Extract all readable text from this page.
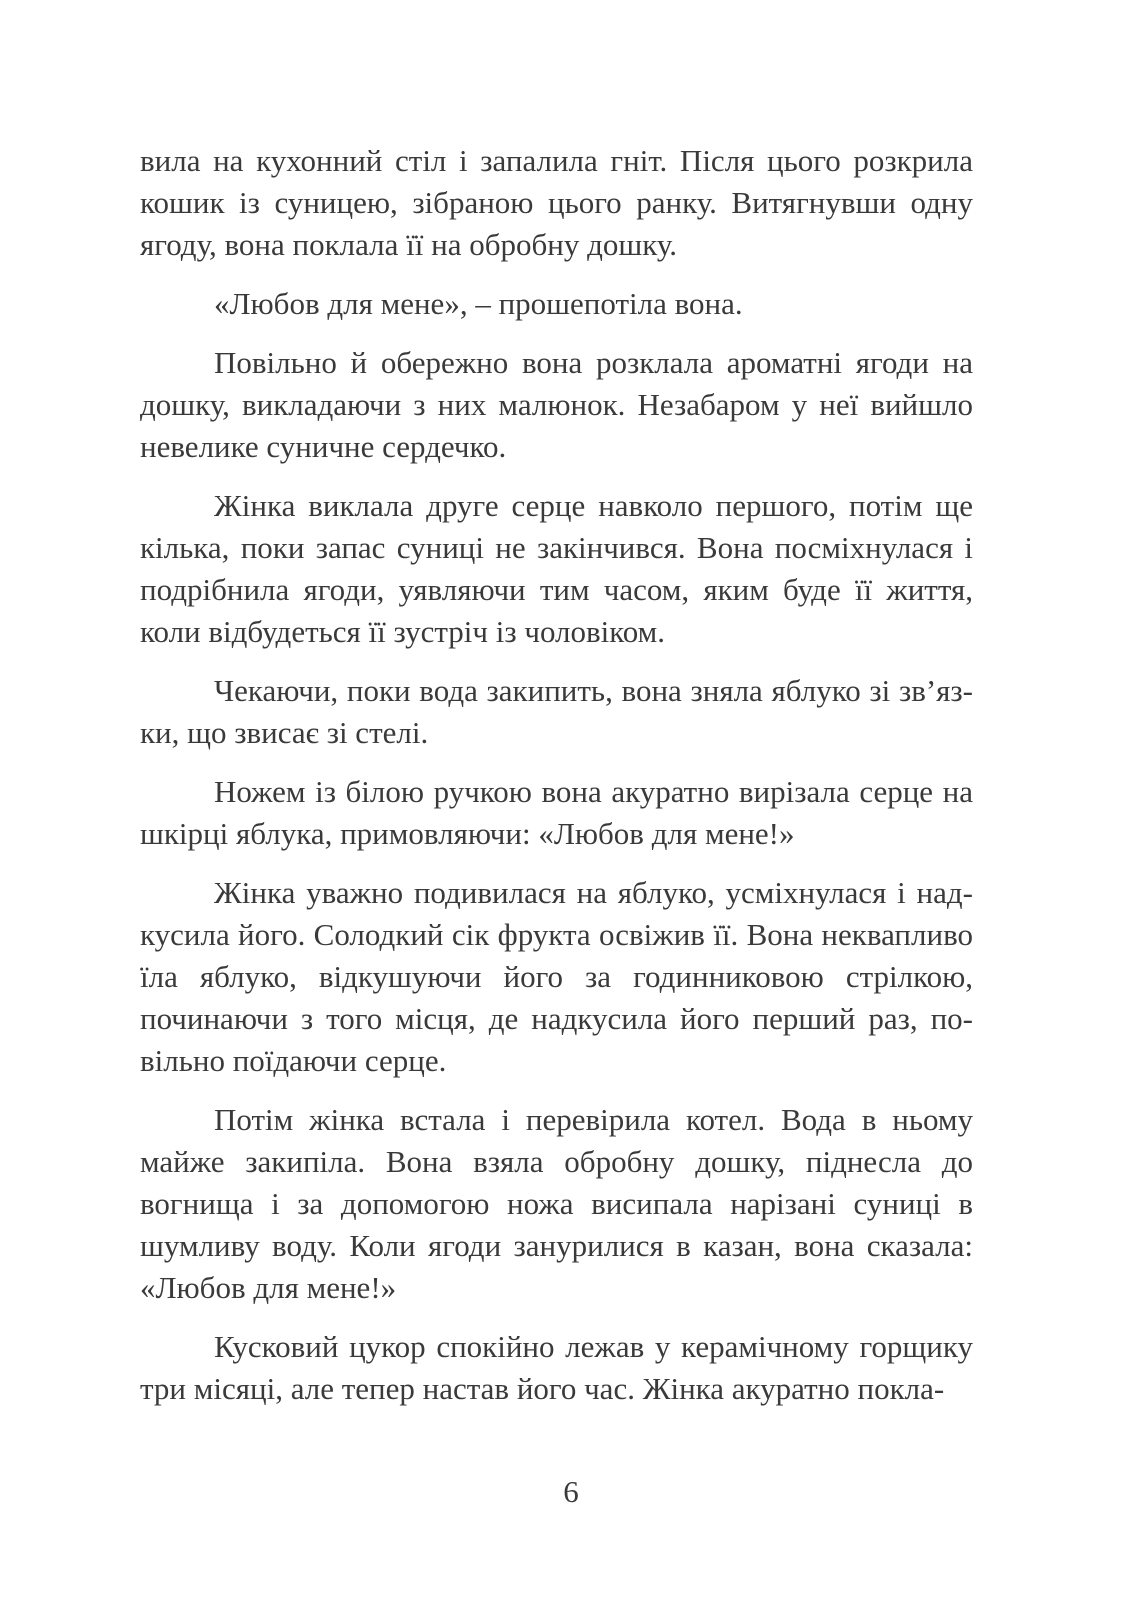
вила на кухонний стіл і запалила гніт. Після цього розкрила кошик із суницею, зібраною цього ранку. Витягнувши одну ягоду, вона поклала її на обробну дошку.

«Любов для мене», – прошепотіла вона.

Повільно й обережно вона розклала ароматні ягоди на дошку, викладаючи з них малюнок. Незабаром у неї вийшло невелике суничне сердечко.

Жінка виклала друге серце навколо першого, потім ще кілька, поки запас суниці не закінчився. Вона посміхнулася і подрібнила ягоди, уявляючи тим часом, яким буде її життя, коли відбудеться її зустріч із чоловіком.

Чекаючи, поки вода закипить, вона зняла яблуко зі зв’язки, що звисає зі стелі.

Ножем із білою ручкою вона акуратно вирізала серце на шкірці яблука, примовляючи: «Любов для мене!»

Жінка уважно подивилася на яблуко, усміхнулася і надкусила його. Солодкий сік фрукта освіжив її. Вона неквапливо їла яблуко, відкушуючи його за годинниковою стрілкою, починаючи з того місця, де надкусила його перший раз, повільно поїдаючи серце.

Потім жінка встала і перевірила котел. Вода в ньому майже закипіла. Вона взяла обробну дошку, піднесла до вогнища і за допомогою ножа висипала нарізані суниці в шумливу воду. Коли ягоди занурилися в казан, вона сказала: «Любов для мене!»

Кусковий цукор спокійно лежав у керамічному горщику три місяці, але тепер настав його час. Жінка акуратно покла-

6
